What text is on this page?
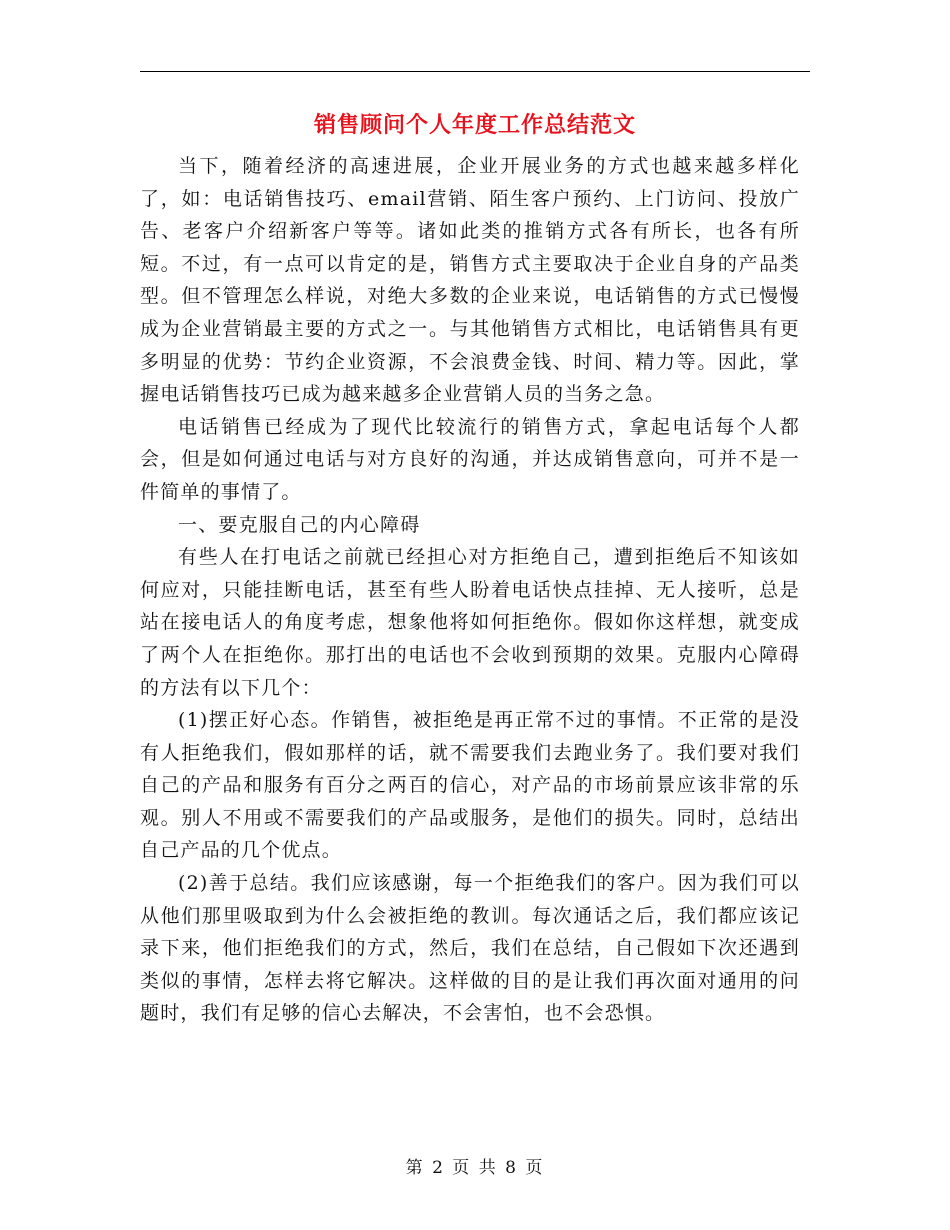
销售顾问个人年度工作总结范文

当下，随着经济的高速进展，企业开展业务的方式也越来越多样化了，如：电话销售技巧、email营销、陌生客户预约、上门访问、投放广告、老客户介绍新客户等等。诸如此类的推销方式各有所长，也各有所短。不过，有一点可以肯定的是，销售方式主要取决于企业自身的产品类型。但不管理怎么样说，对绝大多数的企业来说，电话销售的方式已慢慢成为企业营销最主要的方式之一。与其他销售方式相比，电话销售具有更多明显的优势：节约企业资源，不会浪费金钱、时间、精力等。因此，掌握电话销售技巧已成为越来越多企业营销人员的当务之急。

电话销售已经成为了现代比较流行的销售方式，拿起电话每个人都会，但是如何通过电话与对方良好的沟通，并达成销售意向，可并不是一件简单的事情了。

一、要克服自己的内心障碍

有些人在打电话之前就已经担心对方拒绝自己，遭到拒绝后不知该如何应对，只能挂断电话，甚至有些人盼着电话快点挂掉、无人接听，总是站在接电话人的角度考虑，想象他将如何拒绝你。假如你这样想，就变成了两个人在拒绝你。那打出的电话也不会收到预期的效果。克服内心障碍的方法有以下几个：

(1)摆正好心态。作销售，被拒绝是再正常不过的事情。不正常的是没有人拒绝我们，假如那样的话，就不需要我们去跑业务了。我们要对我们自己的产品和服务有百分之两百的信心，对产品的市场前景应该非常的乐观。别人不用或不需要我们的产品或服务，是他们的损失。同时，总结出自己产品的几个优点。

(2)善于总结。我们应该感谢，每一个拒绝我们的客户。因为我们可以从他们那里吸取到为什么会被拒绝的教训。每次通话之后，我们都应该记录下来，他们拒绝我们的方式，然后，我们在总结，自己假如下次还遇到类似的事情，怎样去将它解决。这样做的目的是让我们再次面对通用的问题时，我们有足够的信心去解决，不会害怕，也不会恐惧。

第 2 页 共 8 页
